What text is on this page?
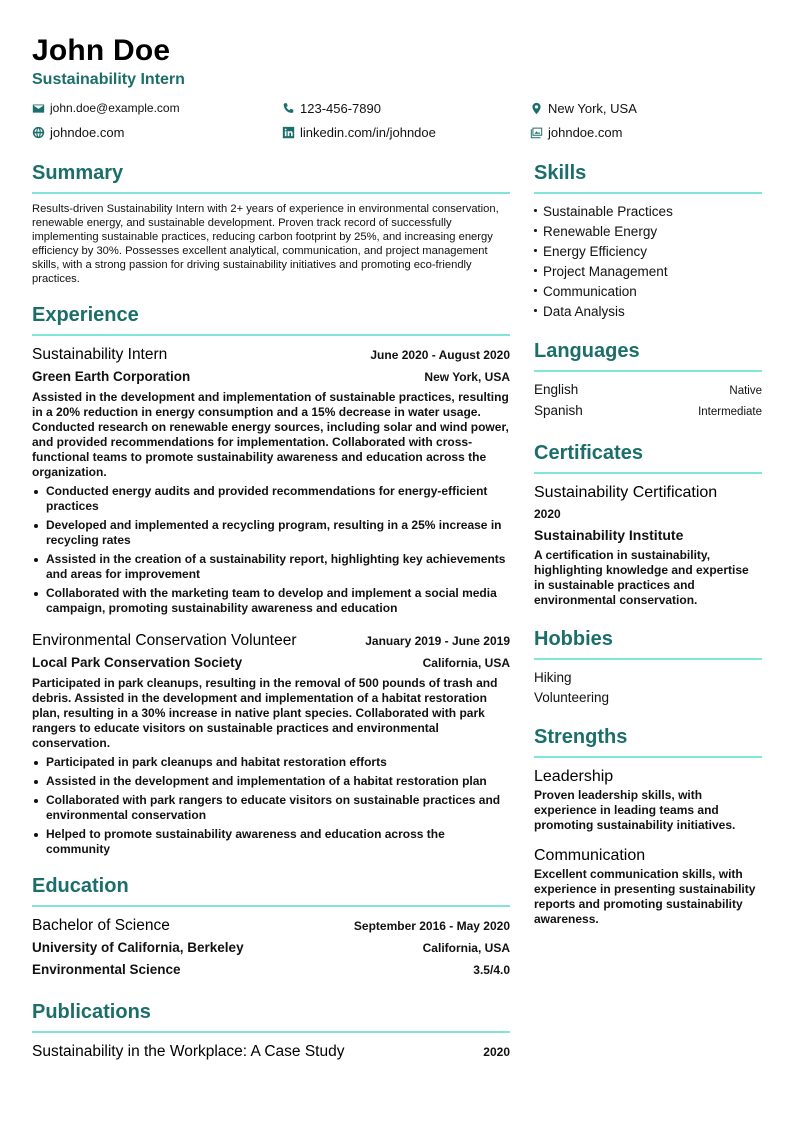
John Doe
Sustainability Intern
john.doe@example.com	123-456-7890	New York, USA
johndoe.com	linkedin.com/in/johndoe	johndoe.com
Summary

Results-driven Sustainability Intern with 2+ years of experience in environmental conservation, renewable energy, and sustainable development. Proven track record of successfully implementing sustainable practices, reducing carbon footprint by 25%, and increasing energy efficiency by 30%. Possesses excellent analytical, communication, and project management skills, with a strong passion for driving sustainability initiatives and promoting eco-friendly practices.

Experience
Sustainability Intern	June 2020 - August 2020
Green Earth Corporation	New York, USA

Assisted in the development and implementation of sustainable practices, resulting in a 20% reduction in energy consumption and a 15% decrease in water usage. Conducted research on renewable energy sources, including solar and wind power, and provided recommendations for implementation. Collaborated with cross-functional teams to promote sustainability awareness and education across the organization.

Conducted energy audits and provided recommendations for energy-efficient practices
Developed and implemented a recycling program, resulting in a 25% increase in recycling rates
Assisted in the creation of a sustainability report, highlighting key achievements and areas for improvement
Collaborated with the marketing team to develop and implement a social media campaign, promoting sustainability awareness and education
Environmental Conservation Volunteer	January 2019 - June 2019
Local Park Conservation Society	California, USA

Participated in park cleanups, resulting in the removal of 500 pounds of trash and debris. Assisted in the development and implementation of a habitat restoration plan, resulting in a 30% increase in native plant species. Collaborated with park rangers to educate visitors on sustainable practices and environmental conservation.

Participated in park cleanups and habitat restoration efforts
Assisted in the development and implementation of a habitat restoration plan
Collaborated with park rangers to educate visitors on sustainable practices and environmental conservation
Helped to promote sustainability awareness and education across the community
Education
Bachelor of Science	September 2016 - May 2020
University of California, Berkeley	California, USA
Environmental Science	3.5/4.0
Publications
Sustainability in the Workplace: A Case Study	2020
Skills
Sustainable Practices
Renewable Energy
Energy Efficiency
Project Management
Communication
Data Analysis
Languages
English	Native
Spanish	Intermediate
Certificates
Sustainability Certification
2020
Sustainability Institute

A certification in sustainability, highlighting knowledge and expertise in sustainable practices and environmental conservation.

Hobbies
Hiking
Volunteering
Strengths
Leadership

Proven leadership skills, with experience in leading teams and promoting sustainability initiatives.

Communication

Excellent communication skills, with experience in presenting sustainability reports and promoting sustainability awareness.
